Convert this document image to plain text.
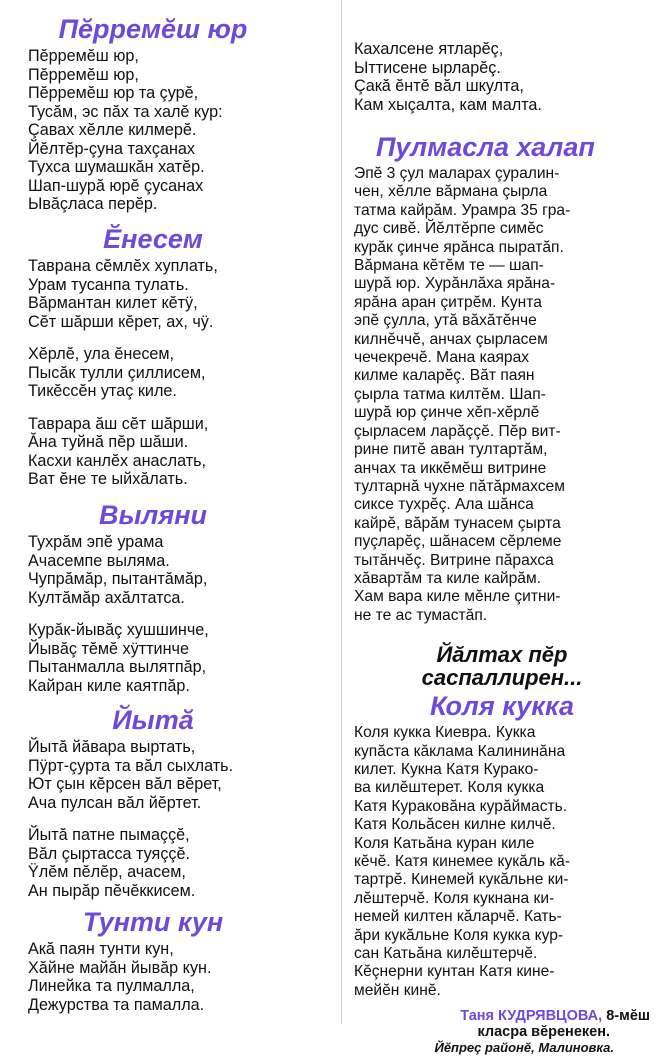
Пĕрремĕш юр
Пĕрремĕш юр,
Пĕрремĕш юр,
Пĕрремĕш юр та çурĕ,
Тусăм, эс пăх та халĕ кур:
Çавах хĕлле килмерĕ.
Йĕлтĕр-çуна тахçанах
Тухса шумашкăн хатĕр.
Шап-шурă юрĕ çусанах
Ывăçласа перĕр.
Ĕнесем
Таврана сĕмлĕх хуплать,
Урам тусанпа тулать.
Вăрмантан килет кĕтÿ,
Сĕт шăрши кĕрет, ах, чÿ.
Хĕрлĕ, ула ĕнесем,
Пысăк тулли çиллисем,
Тикĕссĕн утаç киле.
Таврара ăш сĕт шăрши,
Ăна туйнă пĕр шăши.
Касхи канлĕх анаслать,
Ват ĕне те ыйхăлать.
Выляни
Тухрăм эпĕ урама
Ачасемпе вылямa.
Чупрăмăр, пытантăмăр,
Култăмăр ахăлтатса.
Курăк-йывăç хушшинче,
Йывăç тĕмĕ хÿттинче
Пытанмалла вылятпăр,
Кайран киле каятпăр.
Йытă
Йытă йăвара выртать,
Пÿрт-çурта та вăл сыхлать.
Ют çын кĕрсен вăл вĕрет,
Ача пулсан вăл йĕртет.
Йытă патне пымаççĕ,
Вăл çыртасса туяççĕ.
Ÿлĕм пĕлĕр, ачасем,
Ан пырăр пĕчĕккисем.
Тунти кун
Акă паян тунти кун,
Хăйне майăн йывăр кун.
Линейка та пулмалла,
Дежурства та памалла.
Кахалсене ятларĕç,
Ыттисене ырларĕç.
Çакă ĕнтĕ вăл шкулта,
Кам хыçалта, кам малта.
Пулмасла халап
Эпĕ 3 çул маларах çуралин-
чен, хĕлле вăрмана çырла
татма кайрăм. Урамра 35 гра-
дус сивĕ. Йĕлтĕрпе симĕс
курăк çинче ярăнса пыратăп.
Вăрмана кĕтĕм те — шап-
шурă юр. Хурăнлăха ярăна-
ярăна аран çитрĕм. Кунта
эпĕ çулла, утă вăхăтĕнче
килнĕччĕ, анчах çырласем
чечекречĕ. Мана каярах
килме каларĕç. Вăт паян
çырла татма килтĕм. Шап-
шурă юр çинче хĕп-хĕрлĕ
çырласем ларăççĕ. Пĕр вит-
рине питĕ аван тултартăм,
анчах та иккĕмĕш витрине
тултарнă чухне пăтăрмахсем
сиксе тухрĕç. Ала шăнса
кайрĕ, вăрăм тунасем çырта
пуçларĕç, шăнасем сĕрлеме
тытăнчĕç. Витрине пăрахса
хăвартăм та киле кайрăм.
Хам вара киле мĕнле çитни-
не те ас тумастăп.
Йăлтах пĕр
саспаллирен...
Коля кукка
Коля кукка Киевра. Кукка
купăста кăклама Калининăна
килет. Кукна Катя Курако-
ва килĕштерет. Коля кукка
Катя Кураковăна курăймасть.
Катя Кольăсен килне килчĕ.
Коля Катьăна куран киле
кĕчĕ. Катя кинемее кукăль кă-
тартрĕ. Кинемей кукăльне ки-
лĕштерчĕ. Коля кукнана ки-
немей килтен кăларчĕ. Кать-
ăри кукăльне Коля кукка кур-
сан Катьăна килĕштерчĕ.
Кĕçнерни кунтан Катя кине-
мейĕн кинĕ.
Таня КУДРЯВЦОВА, 8-мĕш
класра вĕренекен.
Йĕпреç районĕ, Малиновка.
